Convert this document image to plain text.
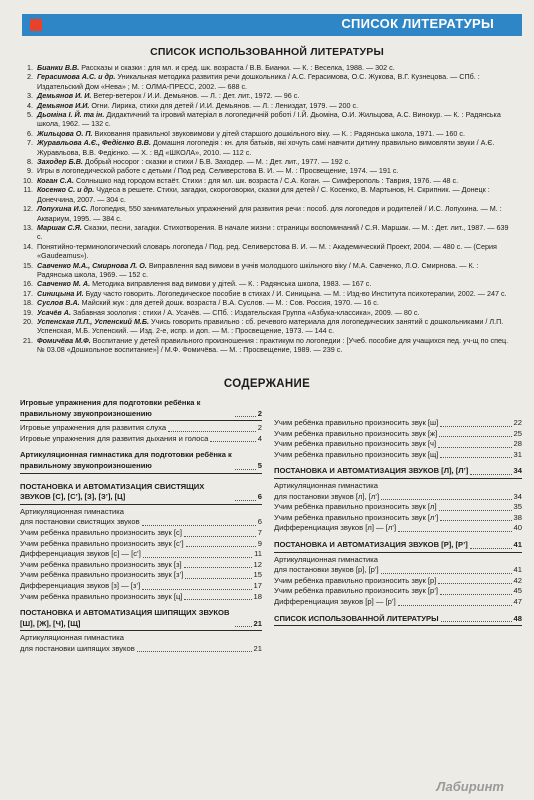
СПИСОК ЛИТЕРАТУРЫ
СПИСОК ИСПОЛЬЗОВАННОЙ ЛИТЕРАТУРЫ
1. Бианки В.В. Рассказы и сказки : для мл. и сред. шк. возраста / В.В. Бианки. — К. : Веселка, 1988. — 302 с.
2. Герасимова А.С. и др. Уникальная методика развития речи дошкольника / А.С. Герасимова, О.С. Жукова, В.Г. Кузнецова. — СПб. : Издательский Дом «Нева» ; М. : ОЛМА-ПРЕСС, 2002. — 688 с.
3. Демьянов И. И. Ветер-ветерок / И.И. Демьянов. — Л. : Дет. лит., 1972. — 96 с.
4. Демьянов И.И. Огни. Лирика, стихи для детей / И.И. Демьянов. — Л. : Лениздат, 1979. — 200 с.
5. Дьоміна І. Й. та ін. Дидактичний та ігровий матеріал в логопедичній роботі / І.Й. Дьоміна, О.И. Жильцова, А.С. Винокур. — К. : Радянська школа, 1962. — 132 с.
6. Жильцова О. П. Виховання правильної звуковимови у дітей старшого дошкільного віку. — К. : Радянська школа, 1971. — 160 с.
7. Журавльова А.Є., Федієнко В.В. Домашня логопедія : кн. для батьків, які хочуть самі навчити дитину правильно вимовляти звуки / А.Є. Журавльова, В.В. Федієнко. — Х. : ВД «ШКОЛА», 2010. — 112 с.
8. Заходер Б.В. Добрый носорог : сказки и стихи / Б.В. Заходер. — М. : Дет. лит., 1977. — 192 с.
9. Игры в логопедической работе с детьми / Под ред. Селиверстова В. И. — М. : Просвещение, 1974. — 191 с.
10. Коган С.А. Солнышко над городом встаёт. Стихи : для мл. шк. возраста / С.А. Коган. — Симферополь : Таврия, 1976. — 48 с.
11. Косенко С. и др. Чудеса в решете. Стихи, загадки, скороговорки, сказки для детей / С. Косенко, В. Мартынов, Н. Скрипник. — Донецк : Донеччина, 2007. — 304 с.
12. Лопухина И.С. Логопедия, 550 занимательных упражнений для развития речи : пособ. для логопедов и родителей / И.С. Лопухина. — М. : Аквариум, 1995. — 384 с.
13. Маршак С.Я. Сказки, песни, загадки. Стихотворения. В начале жизни : страницы воспоминаний / С.Я. Маршак. — М. : Дет. лит., 1987. — 639 с.
14. Понятийно-терминологический словарь логопеда / Под. ред. Селиверстова В. И. — М. : Академический Проект, 2004. — 480 с. — (Серия «Gaudeamus»).
15. Савченко М.А., Смирнова Л. О. Виправлення вад вимови в учнів молодшого шкільного віку / М.А. Савченко, Л.О. Смирнова. — К. : Радянська школа, 1969. — 152 с.
16. Савченко М. А. Методика виправлення вад вимови у дітей. — К. : Радянська школа, 1983. — 167 с.
17. Синицына И. Буду часто говорить. Логопедическое пособие в стихах / И. Синицына. — М. : Изд-во Института психотерапии, 2002. — 247 с.
18. Суслов В.А. Майский жук : для детей дошк. возраста / В.А. Суслов. — М. : Сов. Россия, 1970. — 16 с.
19. Усачёв А. Забавная зоология : стихи / А. Усачёв. — СПб. : Издательская Группа «Азбука-классика», 2009. — 80 с.
20. Успенская Л.П., Успенский М.Б. Учись говорить правильно : сб. речевого материала для логопедических занятий с дошкольниками / Л.П. Успенская, М.Б. Успенский. — Изд. 2-е, испр. и доп. — М. : Просвещение, 1973. — 144 с.
21. Фомичёва М.Ф. Воспитание у детей правильного произношения : практикум по логопедии : [Учеб. пособие для учащихся пед. уч-щ по спец. № 03.08 «Дошкольное воспитание»] / М.Ф. Фомичёва. — М. : Просвещение, 1989. — 239 с.
СОДЕРЖАНИЕ
Игровые упражнения для подготовки ребёнка к правильному звукопроизношению	2
Игровые упражнения для развития слуха	2
Игровые упражнения для развития дыхания и голоса	4
Артикуляционная гимнастика для подготовки ребёнка к правильному звукопроизношению	5
ПОСТАНОВКА И АВТОМАТИЗАЦИЯ СВИСТЯЩИХ ЗВУКОВ [С], [С’], [З], [З’], [Ц]	6
Артикуляционная гимнастика
для постановки свистящих звуков	6
Учим ребёнка правильно произносить звук [с]	7
Учим ребёнка правильно произносить звук [с’]	9
Дифференциация звуков [с] — [с’]	11
Учим ребёнка правильно произносить звук [з]	12
Учим ребёнка правильно произносить звук [з’]	15
Дифференциация звуков [з] — [з’]	17
Учим ребёнка правильно произносить звук [ц]	18
ПОСТАНОВКА И АВТОМАТИЗАЦИЯ ШИПЯЩИХ ЗВУКОВ [Ш], [Ж], [Ч], [Щ]	21
Артикуляционная гимнастика
для постановки шипящих звуков	21
Учим ребёнка правильно произносить звук [ш]	22
Учим ребёнка правильно произносить звук [ж]	25
Учим ребёнка правильно произносить звук [ч]	28
Учим ребёнка правильно произносить звук [щ]	31
ПОСТАНОВКА И АВТОМАТИЗАЦИЯ ЗВУКОВ [Л], [Л’]	34
Артикуляционная гимнастика
для постановки звуков [л], [л’]	34
Учим ребёнка правильно произносить звук [л]	35
Учим ребёнка правильно произносить звук [л’]	38
Дифференциация звуков [л] — [л’]	40
ПОСТАНОВКА И АВТОМАТИЗАЦИЯ ЗВУКОВ [Р], [Р’]	41
Артикуляционная гимнастика
для постановки звуков [р], [р’]	41
Учим ребёнка правильно произносить звук [р]	42
Учим ребёнка правильно произносить звук [р’]	45
Дифференциация звуков [р] — [р’]	47
СПИСОК ИСПОЛЬЗОВАННОЙ ЛИТЕРАТУРЫ	48
Лабиринт
